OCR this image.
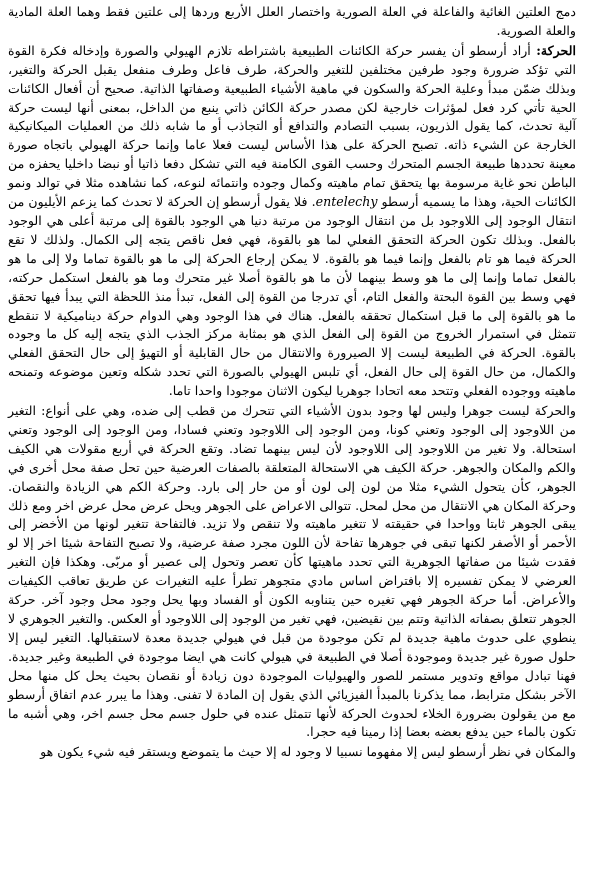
دمج العلتين الغائية والفاعلة في العلة الصورية واختصار العلل الأربع وردها إلى علتين فقط وهما العلة المادية والعلة الصورية.

الحركة: أراد أرسطو أن يفسر حركة الكائنات الطبيعية باشتراطه تلازم الهيولي والصورة وإدخاله فكرة القوة التي تؤكد ضرورة وجود طرفين مختلفين للتغير والحركة، طرف فاعل وطرف منفعل يقبل الحركة والتغير، وبذلك ضمّن مبدأ وعلية الحركة والسكون في ماهية الأشياء الطبيعية وصفاتها الذاتية. صحيح أن أفعال الكائنات الحية تأتي كرد فعل لمؤثرات خارجية لكن مصدر حركة الكائن ذاتي ينبع من الداخل، بمعنى أنها ليست حركة آلية تحدث، كما يقول الذريون، بسبب التصادم والتدافع أو التجاذب أو ما شابه ذلك من العمليات الميكانيكية الخارجة عن الشيء ذاته. تصبح الحركة على هذا الأساس ليست فعلا عاما وإنما حركة الهيولي باتجاه صورة معينة تحددها طبيعة الجسم المتحرك وحسب القوى الكامنة فيه التي تشكل دفعا ذاتيا أو نبضا داخليا يحفزه من الباطن نحو غاية مرسومة بها يتحقق تمام ماهيته وكمال وجوده وانتمائه لنوعه، كما نشاهده مثلا في توالد ونمو الكائنات الحية، وهذا ما يسميه أرسطو entelechy. فلا يقول أرسطو إن الحركة لا تحدث كما يزعم الأيليون من انتقال الوجود إلى اللاوجود بل من انتقال الوجود من مرتبة دنيا هي الوجود بالقوة إلى مرتبة أعلى هي الوجود بالفعل. وبذلك تكون الحركة التحقق الفعلي لما هو بالقوة، فهي فعل ناقص يتجه إلى الكمال. ولذلك لا تقع الحركة فيما هو تام بالفعل وإنما فيما هو بالقوة. لا يمكن إرجاع الحركة إلى ما هو بالقوة تماما ولا إلى ما هو بالفعل تماما وإنما إلى ما هو وسط بينهما لأن ما هو بالقوة أصلا غير متحرك وما هو بالفعل استكمل حركته، فهي وسط بين القوة البحتة والفعل التام، أي تدرجا من القوة إلى الفعل، تبدأ منذ اللحظة التي يبدأ فيها تحقق ما هو بالقوة إلى ما قبل استكمال تحققه بالفعل. هناك في هذا الوجود وهي الدوام حركة ديناميكية لا تنقطع تتمثل في استمرار الخروج من القوة إلى الفعل الذي هو بمثابة مركز الجذب الذي يتجه إليه كل ما وجوده بالقوة. الحركة في الطبيعة ليست إلا الصيرورة والانتقال من حال القابلية أو التهيؤ إلى حال التحقق الفعلي والكمال، من حال القوة إلى حال الفعل، أي تلبس الهيولي بالصورة التي تحدد شكله وتعين موضوعه وتمنحه ماهيته ووجوده الفعلي وتتحد معه اتحادا جوهريا ليكون الاثنان موجودا واحدا تاما.

والحركة ليست جوهرا وليس لها وجود بدون الأشياء التي تتحرك من قطب إلى ضده، وهي على أنواع: التغير من اللاوجود إلى الوجود وتعني كونا، ومن الوجود إلى اللاوجود وتعني فسادا، ومن الوجود إلى الوجود وتعني استحالة. ولا تغير من اللاوجود إلى اللاوجود لأن ليس بينهما تضاد. وتقع الحركة في أربع مقولات هي الكيف والكم والمكان والجوهر. حركة الكيف هي الاستحالة المتعلقة بالصفات العرضية حين تحل صفة محل أخرى في الجوهر، كأن يتحول الشيء مثلا من لون إلى لون أو من حار إلى بارد. وحركة الكم هي الزيادة والنقصان. وحركة المكان هي الانتقال من محل لمحل. تتوالى الاعراض على الجوهر ويحل عرض محل عرض اخر ومع ذلك يبقى الجوهر ثابتا وواحدا في حقيقته لا تتغير ماهيته ولا تنقص ولا تزيد. فالتفاحة تتغير لونها من الأخضر إلى الأحمر أو الأصفر لكنها تبقى في جوهرها تفاحة لأن اللون مجرد صفة عرضية، ولا تصبح التفاحة شيئا اخر إلا لو فقدت شيئا من صفاتها الجوهرية التي تحدد ماهيتها كأن تعصر وتحول إلى عصير أو مربّى. وهكذا فإن التغير العرضي لا يمكن تفسيره إلا بافتراض اساس مادي متجوهر تطرأ عليه التغيرات عن طريق تعاقب الكيفيات والأعراض. أما حركة الجوهر فهي تغيره حين يتناوبه الكون أو الفساد وبها يحل وجود محل وجود آخر. حركة الجوهر تتعلق بصفاته الذاتية وتتم بين نقيضين، فهي تغير من الوجود إلى اللاوجود أو العكس. والتغير الجوهري لا ينطوي على حدوث ماهية جديدة لم تكن موجودة من قبل في هيولي جديدة معدة لاستقبالها. التغير ليس إلا حلول صورة غير جديدة وموجودة أصلا في الطبيعة في هيولي كانت هي ايضا موجودة في الطبيعة وغير جديدة. فهنا تبادل مواقع وتدوير مستمر للصور والهيوليات الموجودة دون زيادة أو نقصان بحيث يحل كل منها محل الآخر بشكل مترابط، مما يذكرنا بالمبدأ الفيزيائي الذي يقول إن المادة لا تفنى. وهذا ما يبرر عدم اتفاق أرسطو مع من يقولون بضرورة الخلاء لحدوث الحركة لأنها تتمثل عنده في حلول جسم محل جسم اخر، وهي أشبه ما تكون بالماء حين يدفع بعضه بعضا إذا رمينا فيه حجرا.

والمكان في نظر أرسطو ليس إلا مفهوما نسبيا لا وجود له إلا حيث ما يتموضع ويستقر فيه شيء يكون هو
